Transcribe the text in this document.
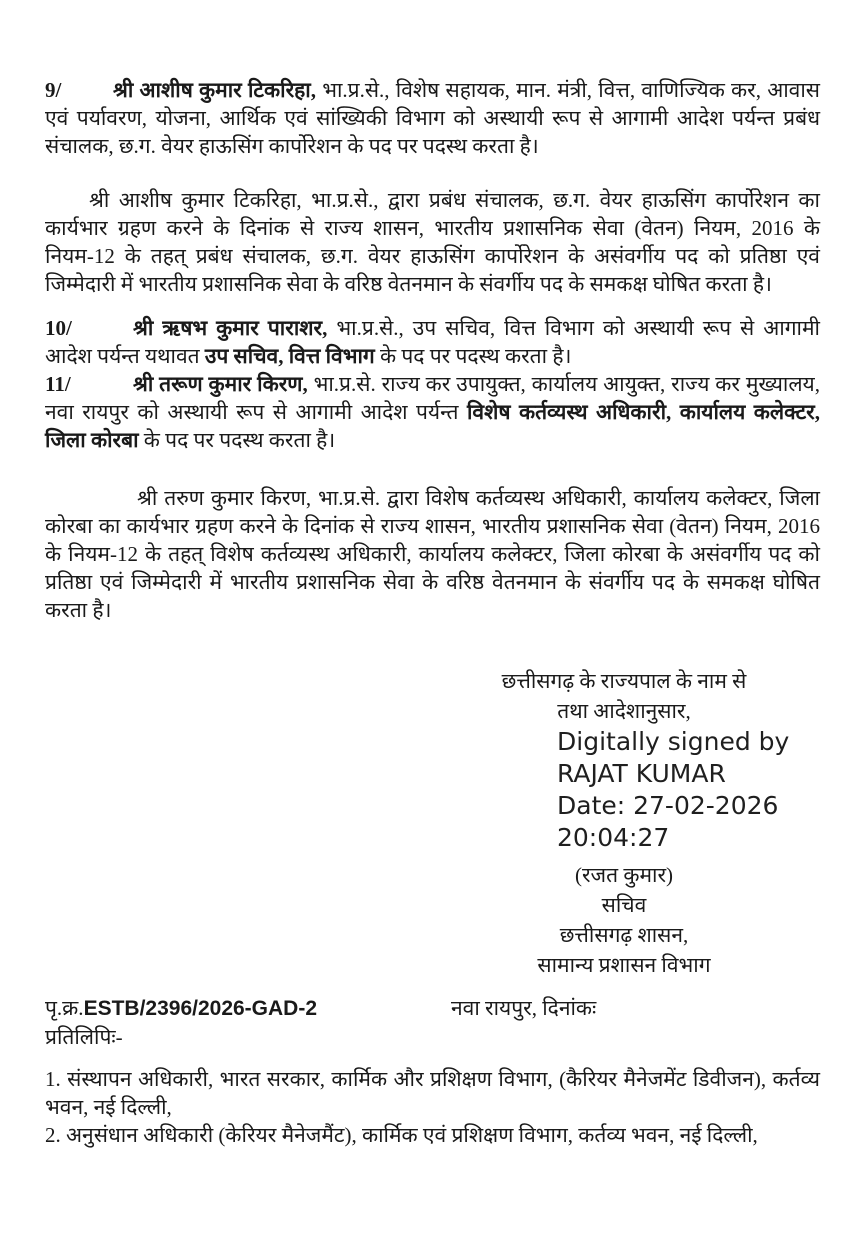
9/ श्री आशीष कुमार टिकरिहा, भा.प्र.से., विशेष सहायक, मान. मंत्री, वित्त, वाणिज्यिक कर, आवास एवं पर्यावरण, योजना, आर्थिक एवं सांख्यिकी विभाग को अस्थायी रूप से आगामी आदेश पर्यन्त प्रबंध संचालक, छ.ग. वेयर हाऊसिंग कार्पोरेशन के पद पर पदस्थ करता है।

श्री आशीष कुमार टिकरिहा, भा.प्र.से., द्वारा प्रबंध संचालक, छ.ग. वेयर हाऊसिंग कार्पोरेशन का कार्यभार ग्रहण करने के दिनांक से राज्य शासन, भारतीय प्रशासनिक सेवा (वेतन) नियम, 2016 के नियम-12 के तहत् प्रबंध संचालक, छ.ग. वेयर हाऊसिंग कार्पोरेशन के असंवर्गीय पद को प्रतिष्ठा एवं जिम्मेदारी में भारतीय प्रशासनिक सेवा के वरिष्ठ वेतनमान के संवर्गीय पद के समकक्ष घोषित करता है।

10/	श्री ऋषभ कुमार पाराशर, भा.प्र.से., उप सचिव, वित्त विभाग को अस्थायी रूप से आगामी आदेश पर्यन्त यथावत उप सचिव, वित्त विभाग के पद पर पदस्थ करता है।

11/	श्री तरूण कुमार किरण, भा.प्र.से. राज्य कर उपायुक्त, कार्यालय आयुक्त, राज्य कर मुख्यालय, नवा रायपुर को अस्थायी रूप से आगामी आदेश पर्यन्त विशेष कर्तव्यस्थ अधिकारी, कार्यालय कलेक्टर, जिला कोरबा के पद पर पदस्थ करता है।

श्री तरुण कुमार किरण, भा.प्र.से. द्वारा विशेष कर्तव्यस्थ अधिकारी, कार्यालय कलेक्टर, जिला कोरबा का कार्यभार ग्रहण करने के दिनांक से राज्य शासन, भारतीय प्रशासनिक सेवा (वेतन) नियम, 2016 के नियम-12 के तहत् विशेष कर्तव्यस्थ अधिकारी, कार्यालय कलेक्टर, जिला कोरबा के असंवर्गीय पद को प्रतिष्ठा एवं जिम्मेदारी में भारतीय प्रशासनिक सेवा के वरिष्ठ वेतनमान के संवर्गीय पद के समकक्ष घोषित करता है।

छत्तीसगढ़ के राज्यपाल के नाम से
तथा आदेशानुसार,
Digitally signed by
RAJAT KUMAR
Date: 27-02-2026
20:04:27
(रजत कुमार)
सचिव
छत्तीसगढ़ शासन,
सामान्य प्रशासन विभाग
पृ.क्र.ESTB/2396/2026-GAD-2	नवा रायपुर, दिनांकः
प्रतिलिपिः-

1. संस्थापन अधिकारी, भारत सरकार, कार्मिक और प्रशिक्षण विभाग, (कैरियर मैनेजमेंट डिवीजन), कर्तव्य भवन, नई दिल्ली,

2. अनुसंधान अधिकारी (केरियर मैनेजमैंट), कार्मिक एवं प्रशिक्षण विभाग, कर्तव्य भवन, नई दिल्ली,
